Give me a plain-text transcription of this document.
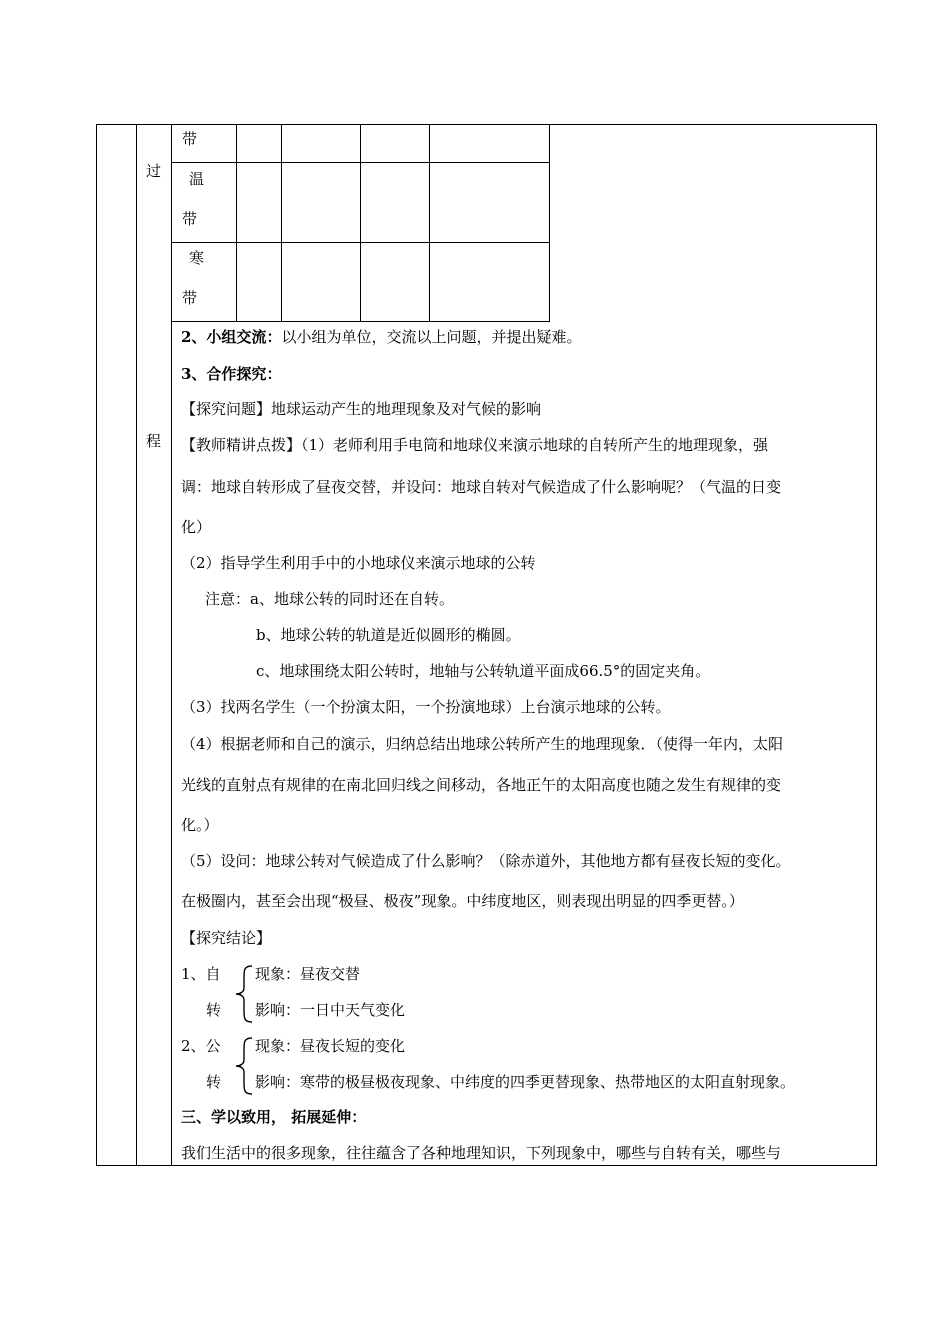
过
程
带
温
带
寒
带
2、小组交流：以小组为单位，交流以上问题，并提出疑难。
3、合作探究：
【探究问题】地球运动产生的地理现象及对气候的影响
【教师精讲点拨】（1）老师利用手电筒和地球仪来演示地球的自转所产生的地理现象，强
调：地球自转形成了昼夜交替，并设问：地球自转对气候造成了什么影响呢？（气温的日变
化）
（2）指导学生利用手中的小地球仪来演示地球的公转
注意：a、地球公转的同时还在自转。
b、地球公转的轨道是近似圆形的椭圆。
c、地球围绕太阳公转时，地轴与公转轨道平面成66.5°的固定夹角。
（3）找两名学生（一个扮演太阳，一个扮演地球）上台演示地球的公转。
（4）根据老师和自己的演示，归纳总结出地球公转所产生的地理现象．（使得一年内，太阳
光线的直射点有规律的在南北回归线之间移动，各地正午的太阳高度也随之发生有规律的变
化。）
（5）设问：地球公转对气候造成了什么影响？（除赤道外，其他地方都有昼夜长短的变化。
在极圈内，甚至会出现“极昼、极夜”现象。中纬度地区，则表现出明显的四季更替。）
【探究结论】
1、自
转
现象：昼夜交替
影响：一日中天气变化
2、公
转
现象：昼夜长短的变化
影响：寒带的极昼极夜现象、中纬度的四季更替现象、热带地区的太阳直射现象。
三、学以致用， 拓展延伸：
我们生活中的很多现象，往往蕴含了各种地理知识，下列现象中，哪些与自转有关，哪些与
